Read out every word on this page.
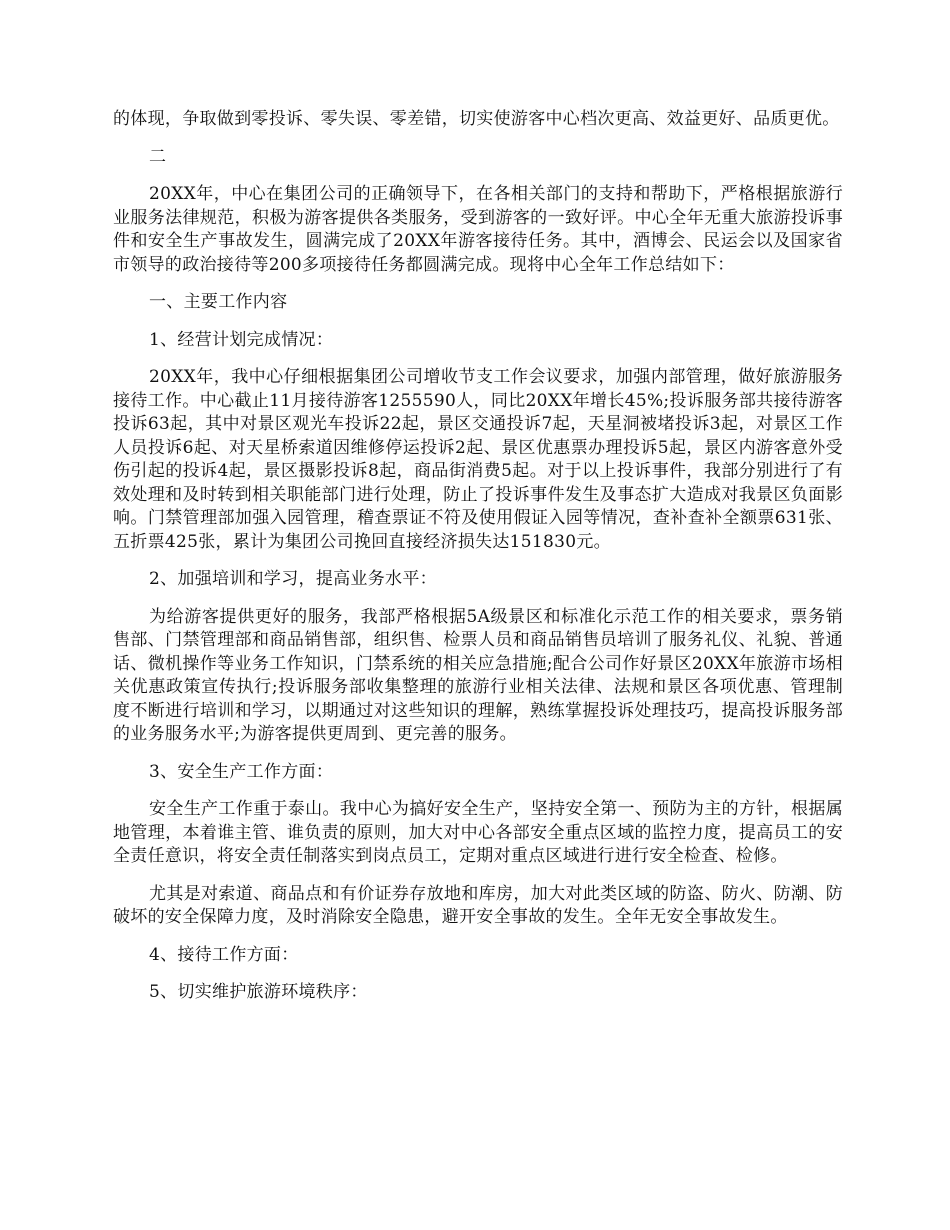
的体现，争取做到零投诉、零失误、零差错，切实使游客中心档次更高、效益更好、品质更优。

二

20XX年，中心在集团公司的正确领导下，在各相关部门的支持和帮助下，严格根据旅游行业服务法律规范，积极为游客提供各类服务，受到游客的一致好评。中心全年无重大旅游投诉事件和安全生产事故发生，圆满完成了20XX年游客接待任务。其中，酒博会、民运会以及国家省市领导的政治接待等200多项接待任务都圆满完成。现将中心全年工作总结如下：

一、主要工作内容

1、经营计划完成情况：

20XX年，我中心仔细根据集团公司增收节支工作会议要求，加强内部管理，做好旅游服务接待工作。中心截止11月接待游客1255590人，同比20XX年增长45%;投诉服务部共接待游客投诉63起，其中对景区观光车投诉22起，景区交通投诉7起，天星洞被堵投诉3起，对景区工作人员投诉6起、对天星桥索道因维修停运投诉2起、景区优惠票办理投诉5起，景区内游客意外受伤引起的投诉4起，景区摄影投诉8起，商品街消费5起。对于以上投诉事件，我部分别进行了有效处理和及时转到相关职能部门进行处理，防止了投诉事件发生及事态扩大造成对我景区负面影响。门禁管理部加强入园管理，稽查票证不符及使用假证入园等情况，查补查补全额票631张、五折票425张，累计为集团公司挽回直接经济损失达151830元。

2、加强培训和学习，提高业务水平：

为给游客提供更好的服务，我部严格根据5A级景区和标准化示范工作的相关要求，票务销售部、门禁管理部和商品销售部，组织售、检票人员和商品销售员培训了服务礼仪、礼貌、普通话、微机操作等业务工作知识，门禁系统的相关应急措施;配合公司作好景区20XX年旅游市场相关优惠政策宣传执行;投诉服务部收集整理的旅游行业相关法律、法规和景区各项优惠、管理制度不断进行培训和学习，以期通过对这些知识的理解，熟练掌握投诉处理技巧，提高投诉服务部的业务服务水平;为游客提供更周到、更完善的服务。

3、安全生产工作方面：

安全生产工作重于泰山。我中心为搞好安全生产，坚持安全第一、预防为主的方针，根据属地管理，本着谁主管、谁负责的原则，加大对中心各部安全重点区域的监控力度，提高员工的安全责任意识，将安全责任制落实到岗点员工，定期对重点区域进行进行安全检查、检修。

尤其是对索道、商品点和有价证券存放地和库房，加大对此类区域的防盗、防火、防潮、防破坏的安全保障力度，及时消除安全隐患，避开安全事故的发生。全年无安全事故发生。

4、接待工作方面：

5、切实维护旅游环境秩序：
